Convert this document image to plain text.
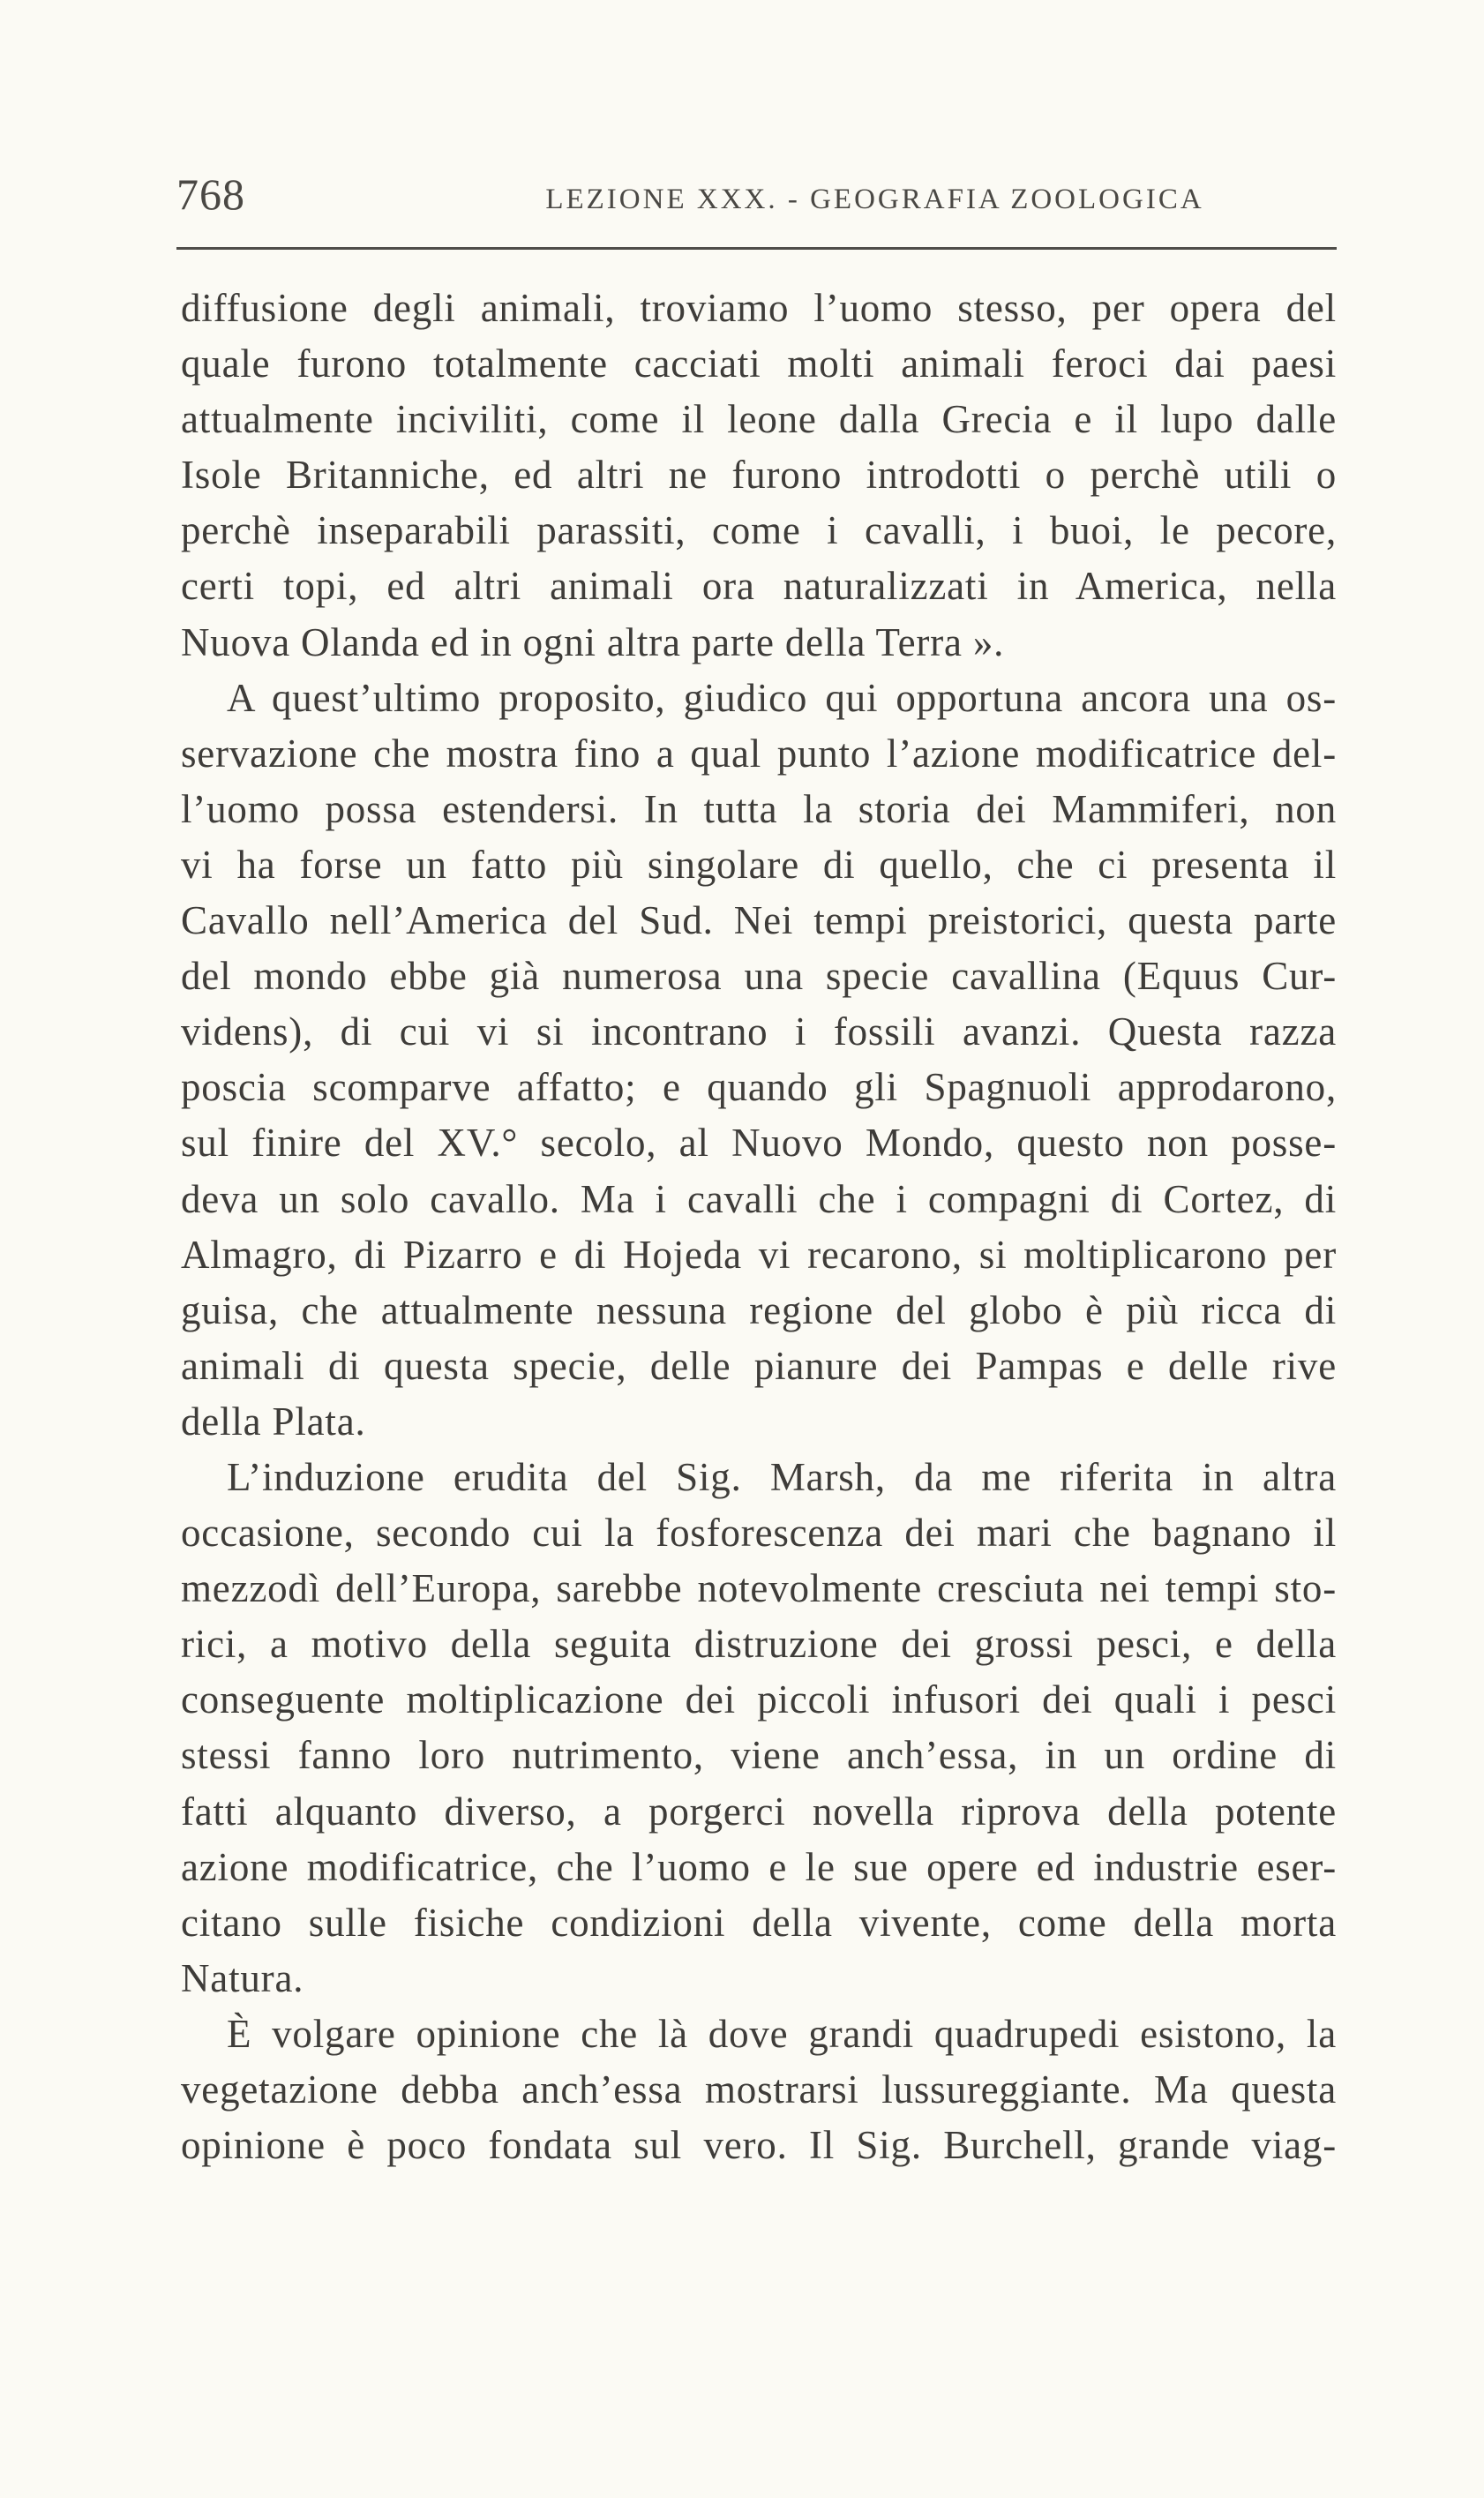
768	LEZIONE XXX. - GEOGRAFIA ZOOLOGICA
diffusione degli animali, troviamo l’uomo stesso, per opera del
quale furono totalmente cacciati molti animali feroci dai paesi
attualmente inciviliti, come il leone dalla Grecia e il lupo dalle
Isole Britanniche, ed altri ne furono introdotti o perchè utili o
perchè inseparabili parassiti, come i cavalli, i buoi, le pecore,
certi topi, ed altri animali ora naturalizzati in America, nella
Nuova Olanda ed in ogni altra parte della Terra ».
A quest’ultimo proposito, giudico qui opportuna ancora una os-
servazione che mostra fino a qual punto l’azione modificatrice del-
l’uomo possa estendersi. In tutta la storia dei Mammiferi, non
vi ha forse un fatto più singolare di quello, che ci presenta il
Cavallo nell’America del Sud. Nei tempi preistorici, questa parte
del mondo ebbe già numerosa una specie cavallina (Equus Cur-
videns), di cui vi si incontrano i fossili avanzi. Questa razza
poscia scomparve affatto; e quando gli Spagnuoli approdarono,
sul finire del XV.° secolo, al Nuovo Mondo, questo non posse-
deva un solo cavallo. Ma i cavalli che i compagni di Cortez, di
Almagro, di Pizarro e di Hojeda vi recarono, si moltiplicarono per
guisa, che attualmente nessuna regione del globo è più ricca di
animali di questa specie, delle pianure dei Pampas e delle rive
della Plata.
L’induzione erudita del Sig. Marsh, da me riferita in altra
occasione, secondo cui la fosforescenza dei mari che bagnano il
mezzodì dell’Europa, sarebbe notevolmente cresciuta nei tempi sto-
rici, a motivo della seguita distruzione dei grossi pesci, e della
conseguente moltiplicazione dei piccoli infusori dei quali i pesci
stessi fanno loro nutrimento, viene anch’essa, in un ordine di
fatti alquanto diverso, a porgerci novella riprova della potente
azione modificatrice, che l’uomo e le sue opere ed industrie eser-
citano sulle fisiche condizioni della vivente, come della morta
Natura.
È volgare opinione che là dove grandi quadrupedi esistono, la
vegetazione debba anch’essa mostrarsi lussureggiante. Ma questa
opinione è poco fondata sul vero. Il Sig. Burchell, grande viag-
